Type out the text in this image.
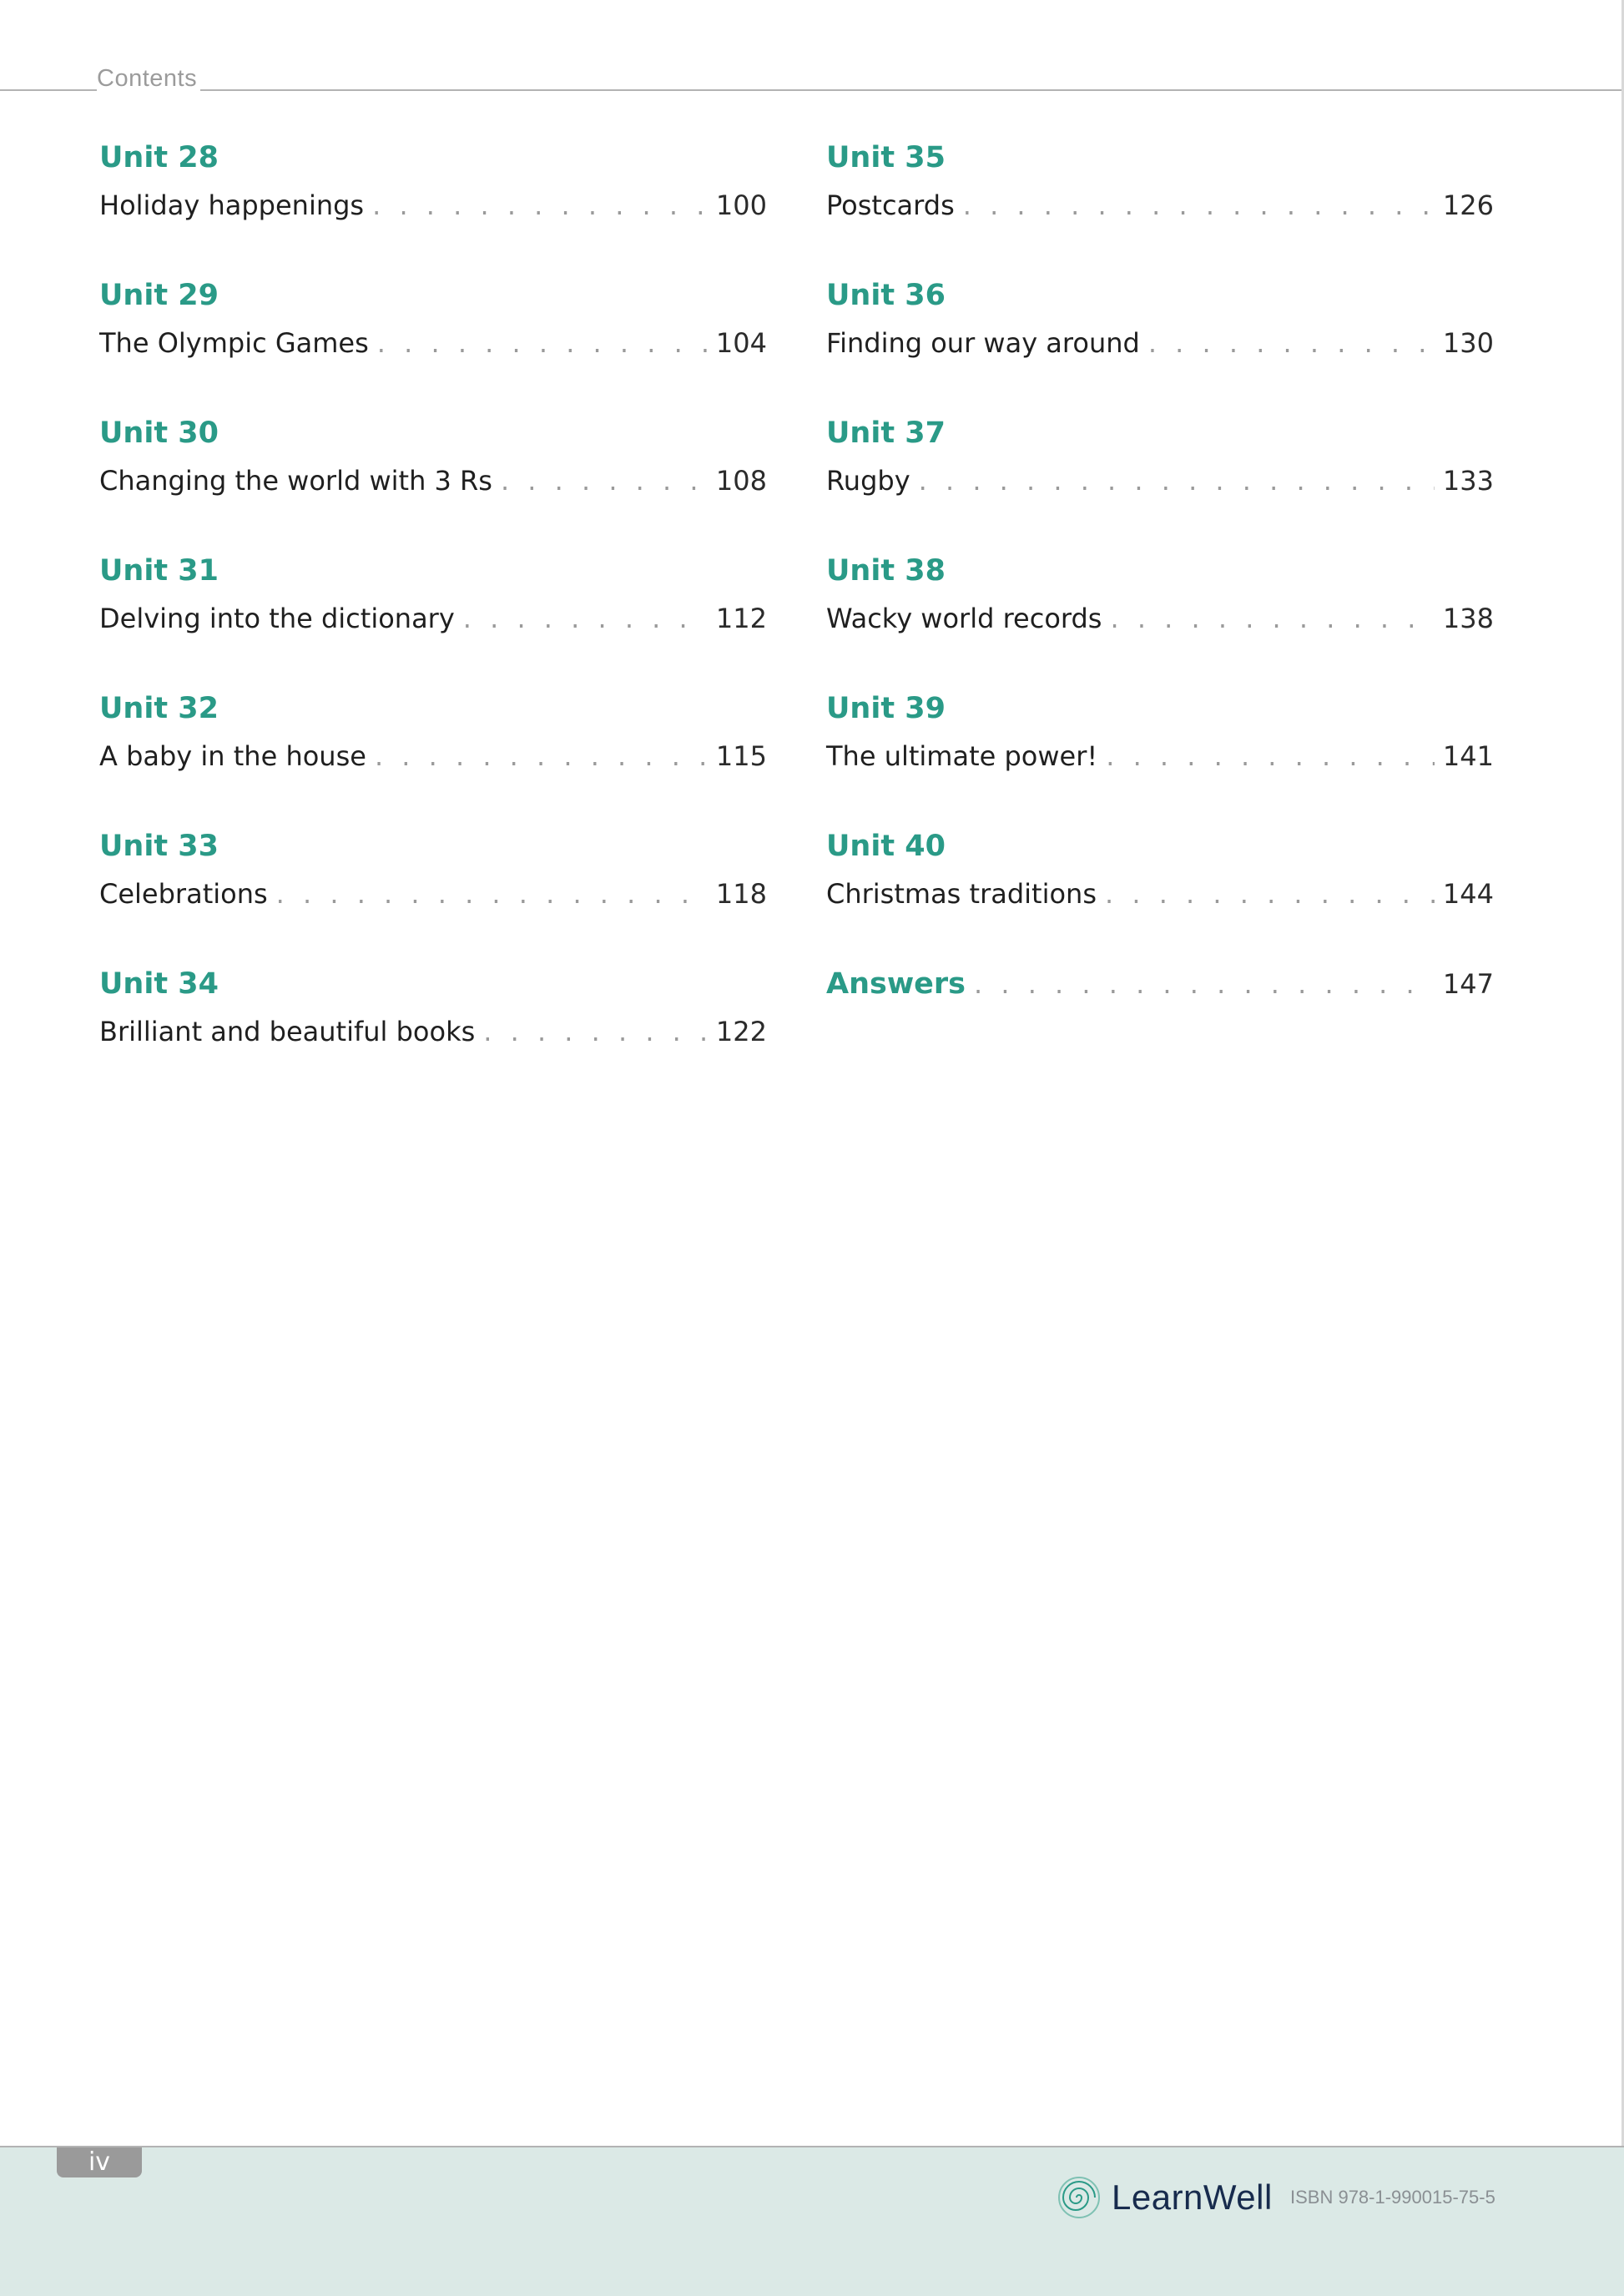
Contents
Unit 28
Holiday happenings . . .	100
Unit 29
The Olympic Games . . .	104
Unit 30
Changing the world with 3 Rs . . .	108
Unit 31
Delving into the dictionary . . .	112
Unit 32
A baby in the house . . .	115
Unit 33
Celebrations . . .	118
Unit 34
Brilliant and beautiful books . . .	122
Unit 35
Postcards . . .	126
Unit 36
Finding our way around . . .	130
Unit 37
Rugby . . .	133
Unit 38
Wacky world records . . .	138
Unit 39
The ultimate power! . . .	141
Unit 40
Christmas traditions . . .	144
Answers . . .	147
iv
LearnWell ISBN 978-1-990015-75-5
